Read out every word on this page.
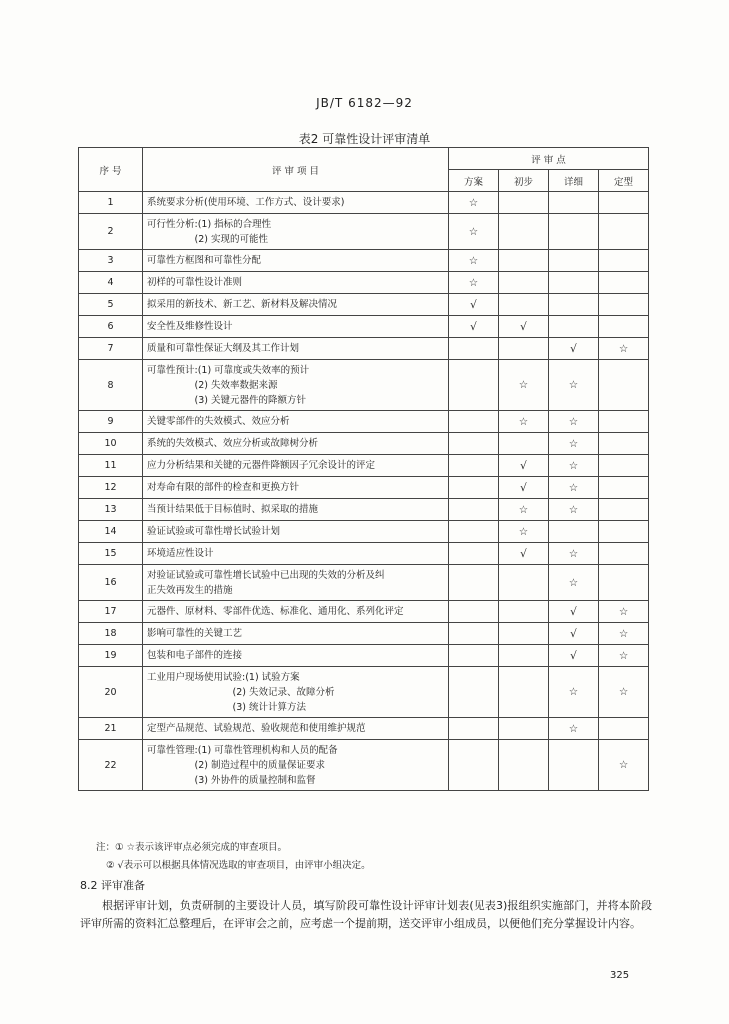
JB/T 6182—92
表2 可靠性设计评审清单
序 号	评 审 项 目	评 审 点			
		方案	初步	详细	定型
1	系统要求分析(使用环境、工作方式、设计要求)	☆			
2	可行性分析:(1) 指标的合理性
　　　　　(2) 实现的可能性	☆			
3	可靠性方框图和可靠性分配	☆			
4	初样的可靠性设计准则	☆			
5	拟采用的新技术、新工艺、新材料及解决情况	√			
6	安全性及维修性设计	√	√		
7	质量和可靠性保证大纲及其工作计划			√	☆
8	可靠性预计:(1) 可靠度或失效率的预计
　　　　　(2) 失效率数据来源
　　　　　(3) 关键元器件的降额方针		☆	☆	
9	关键零部件的失效模式、效应分析		☆	☆	
10	系统的失效模式、效应分析或故障树分析			☆	
11	应力分析结果和关键的元器件降额因子冗余设计的评定		√	☆	
12	对寿命有限的部件的检查和更换方针		√	☆	
13	当预计结果低于目标值时、拟采取的措施		☆	☆	
14	验证试验或可靠性增长试验计划		☆		
15	环境适应性设计		√	☆	
16	对验证试验或可靠性增长试验中已出现的失效的分析及纠
正失效再发生的措施			☆	
17	元器件、原材料、零部件优选、标准化、通用化、系列化评定			√	☆
18	影响可靠性的关键工艺			√	☆
19	包装和电子部件的连接			√	☆
20	工业用户现场使用试验:(1) 试验方案
　　　　　　　　　(2) 失效记录、故障分析
　　　　　　　　　(3) 统计计算方法			☆	☆
21	定型产品规范、试验规范、验收规范和使用维护规范			☆	
22	可靠性管理:(1) 可靠性管理机构和人员的配备
　　　　　(2) 制造过程中的质量保证要求
　　　　　(3) 外协件的质量控制和监督				☆
注：① ☆表示该评审点必须完成的审查项目。
② √表示可以根据具体情况选取的审查项目，由评审小组决定。
8.2 评审准备
根据评审计划，负责研制的主要设计人员，填写阶段可靠性设计评审计划表(见表3)报组织实施部门，并将本阶段评审所需的资料汇总整理后，在评审会之前，应考虑一个提前期，送交评审小组成员，以便他们充分掌握设计内容。
325
